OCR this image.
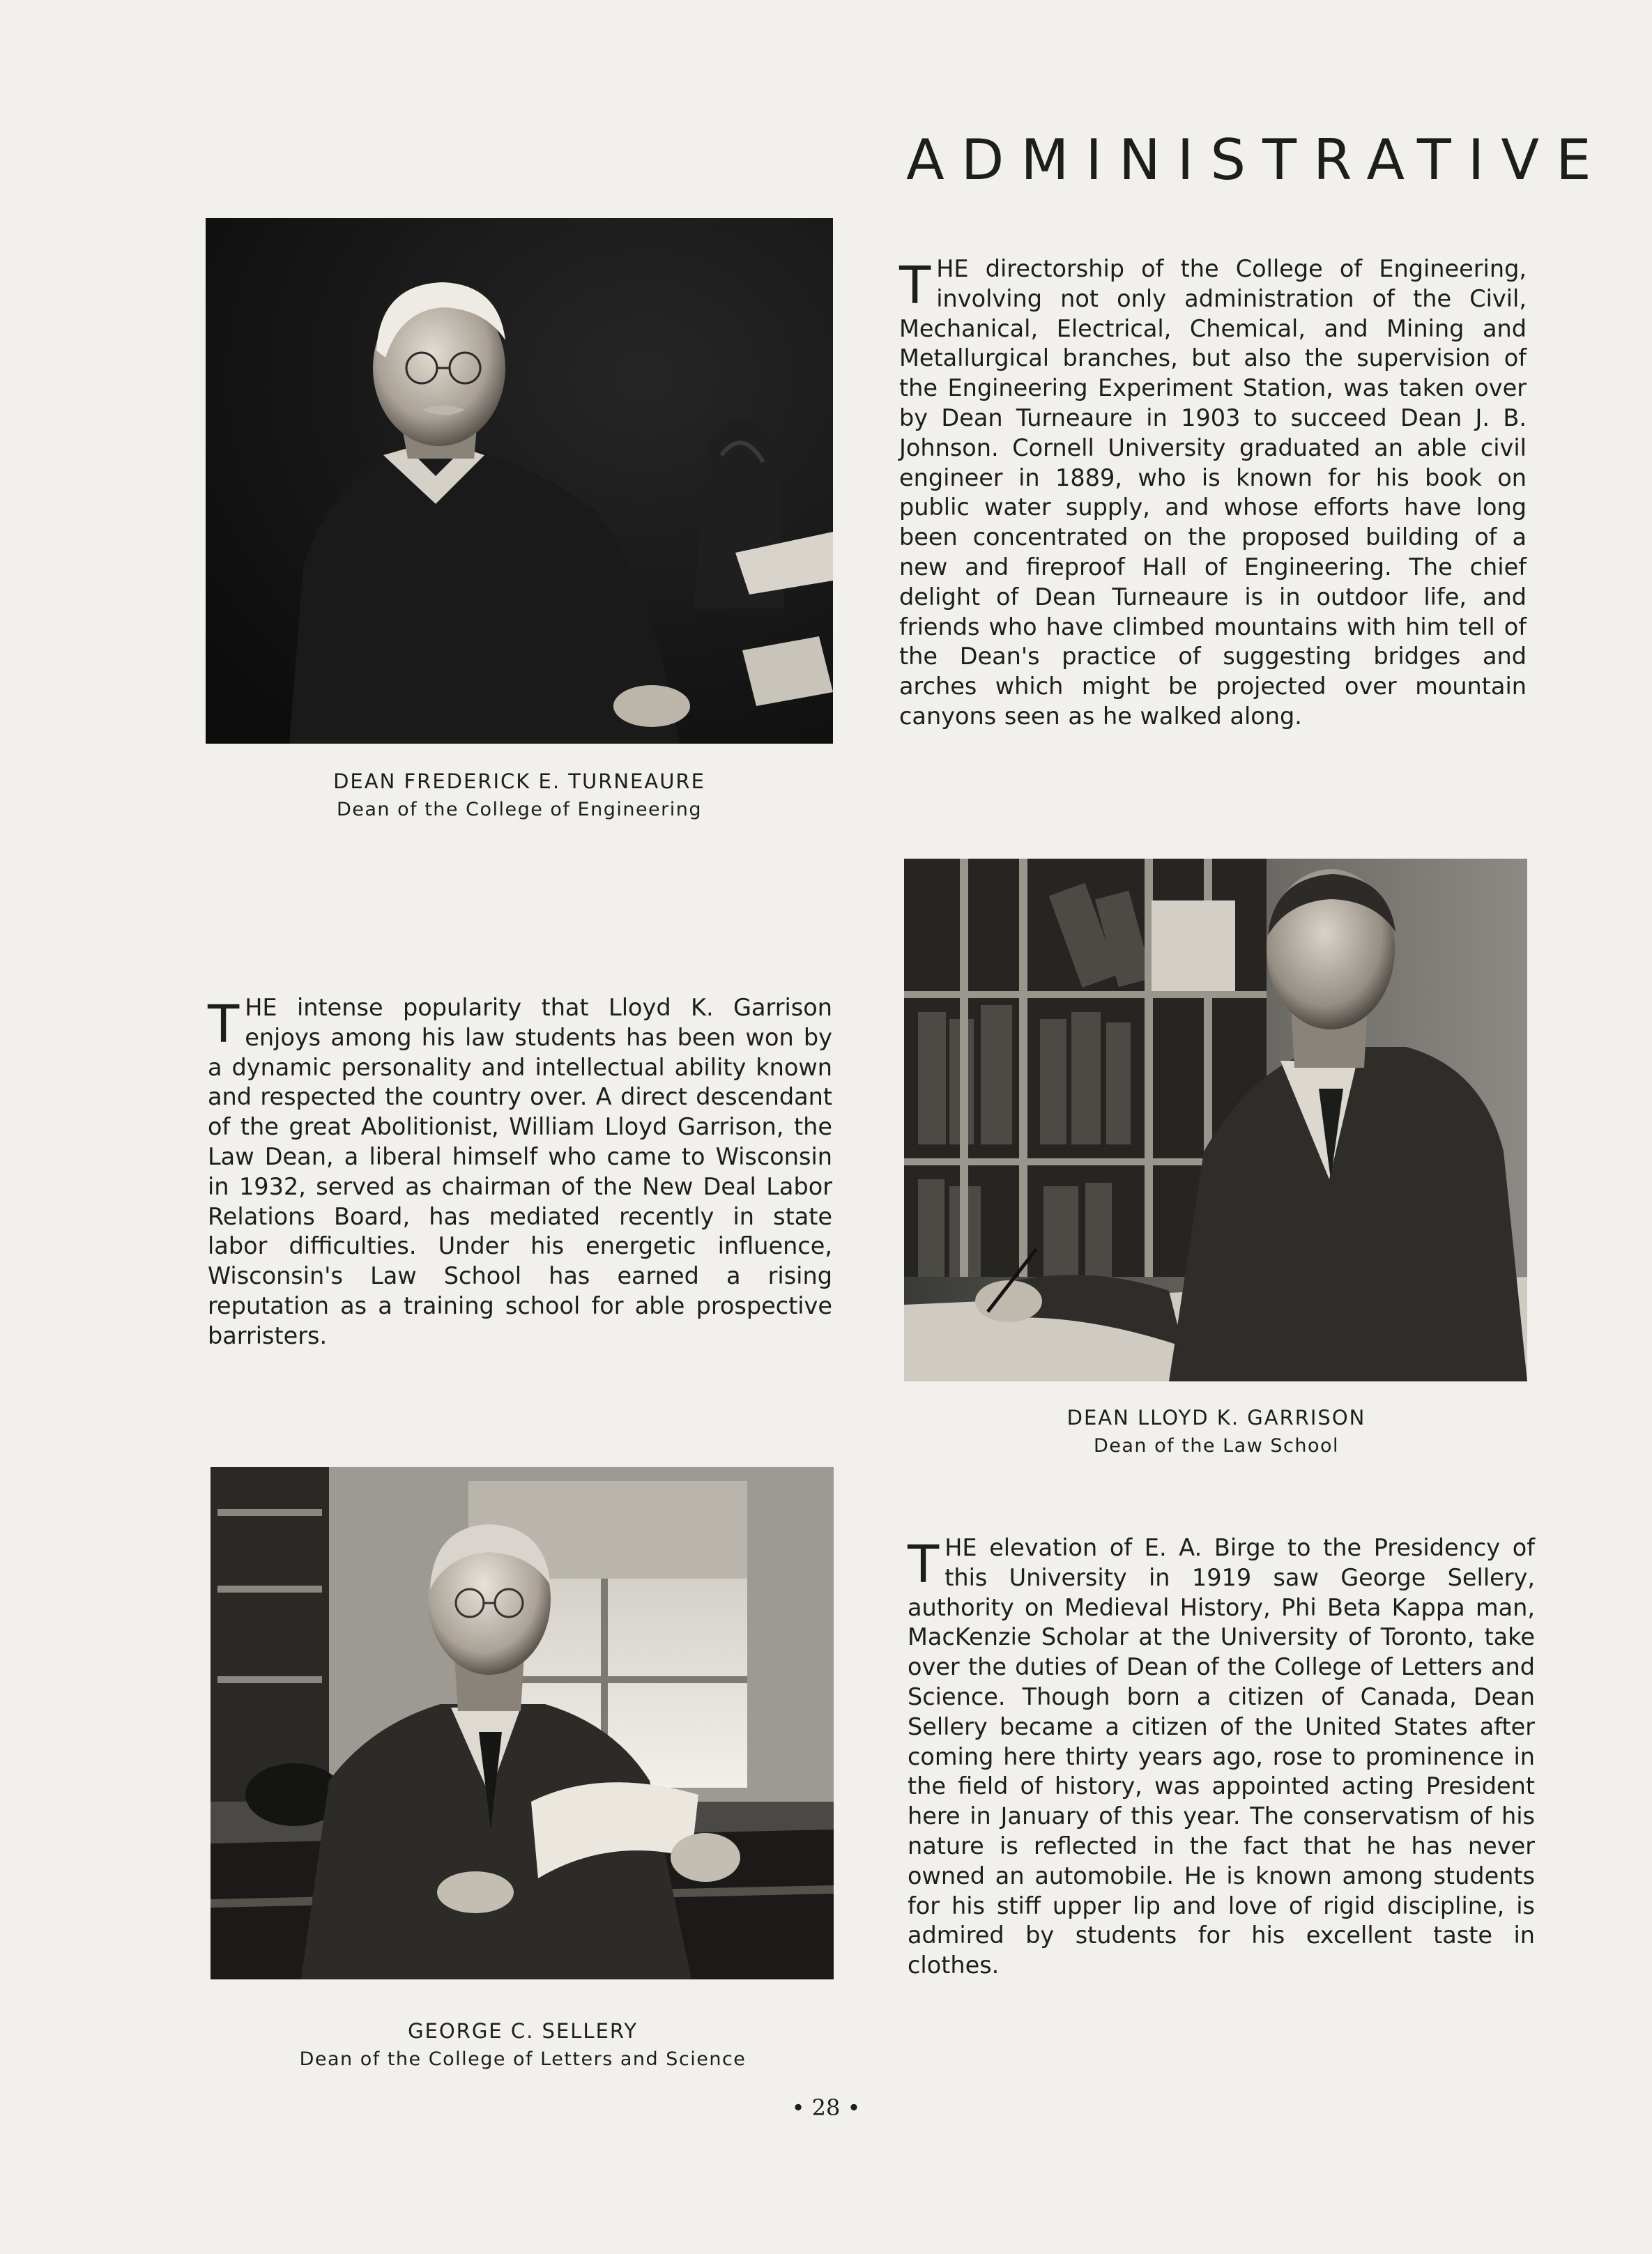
ADMINISTRATIVE
DEAN FREDERICK E. TURNEAURE
Dean of the College of Engineering

THE directorship of the College of Engineering, involving not only administration of the Civil, Mechanical, Electrical, Chemical, and Mining and Metallurgical branches, but also the supervision of the Engineering Experiment Station, was taken over by Dean Turneaure in 1903 to succeed Dean J. B. Johnson. Cornell University graduated an able civil engineer in 1889, who is known for his book on public water supply, and whose efforts have long been concentrated on the proposed building of a new and fireproof Hall of Engineering. The chief delight of Dean Turneaure is in outdoor life, and friends who have climbed mountains with him tell of the Dean's practice of suggesting bridges and arches which might be projected over mountain canyons seen as he walked along.

THE intense popularity that Lloyd K. Garrison enjoys among his law students has been won by a dynamic personality and intellectual ability known and respected the country over. A direct descendant of the great Abolitionist, William Lloyd Garrison, the Law Dean, a liberal himself who came to Wisconsin in 1932, served as chairman of the New Deal Labor Relations Board, has mediated recently in state labor difficulties. Under his energetic influence, Wisconsin's Law School has earned a rising reputation as a training school for able prospective barristers.

DEAN LLOYD K. GARRISON
Dean of the Law School
GEORGE C. SELLERY
Dean of the College of Letters and Science

THE elevation of E. A. Birge to the Presidency of this University in 1919 saw George Sellery, authority on Medieval History, Phi Beta Kappa man, MacKenzie Scholar at the University of Toronto, take over the duties of Dean of the College of Letters and Science. Though born a citizen of Canada, Dean Sellery became a citizen of the United States after coming here thirty years ago, rose to prominence in the field of history, was appointed acting President here in January of this year. The conservatism of his nature is reflected in the fact that he has never owned an automobile. He is known among students for his stiff upper lip and love of rigid discipline, is admired by students for his excellent taste in clothes.

• 28 •
